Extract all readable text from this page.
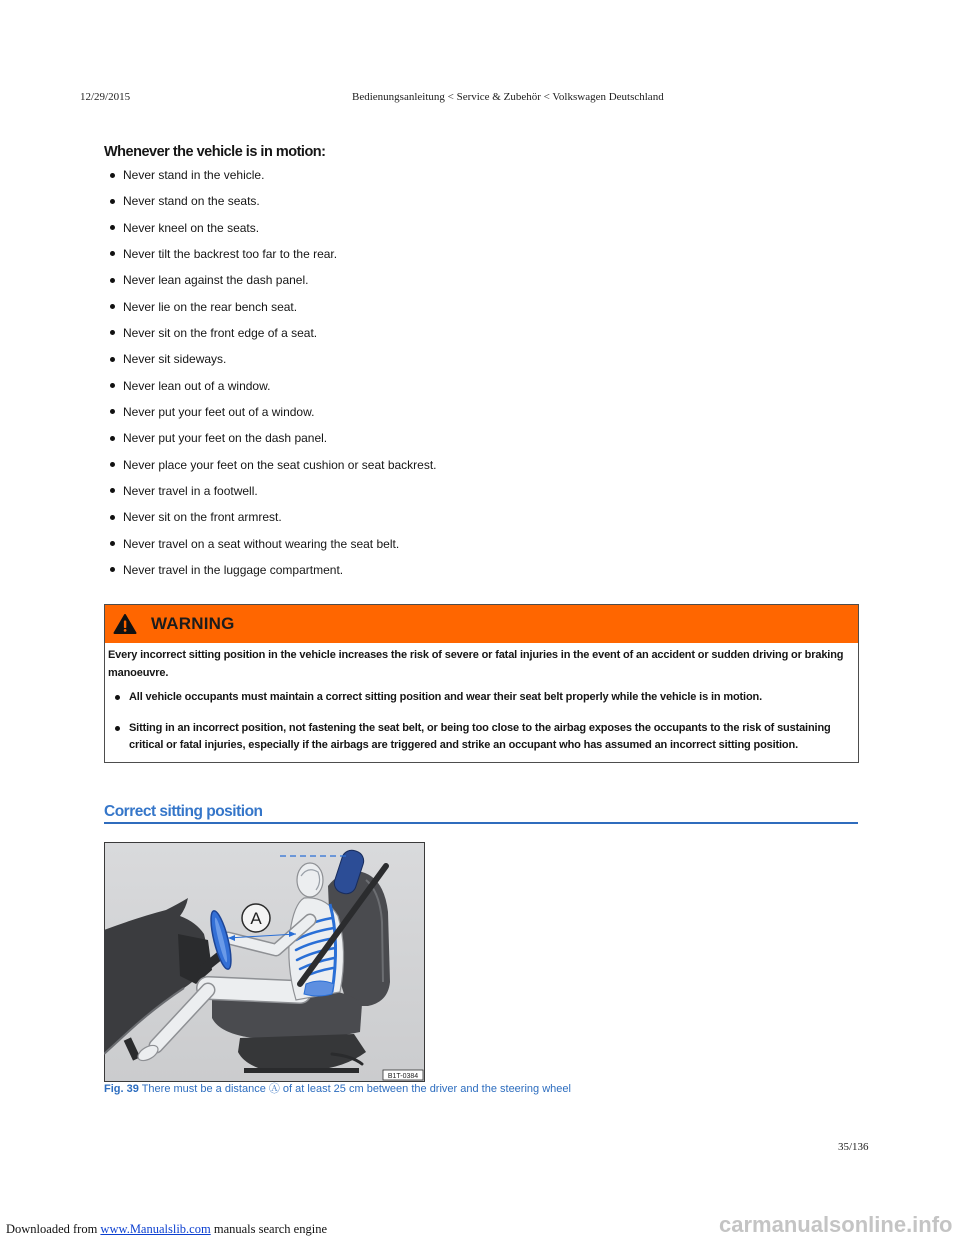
12/29/2015	Bedienungsanleitung < Service & Zubehör < Volkswagen Deutschland
Whenever the vehicle is in motion:
Never stand in the vehicle.
Never stand on the seats.
Never kneel on the seats.
Never tilt the backrest too far to the rear.
Never lean against the dash panel.
Never lie on the rear bench seat.
Never sit on the front edge of a seat.
Never sit sideways.
Never lean out of a window.
Never put your feet out of a window.
Never put your feet on the dash panel.
Never place your feet on the seat cushion or seat backrest.
Never travel in a footwell.
Never sit on the front armrest.
Never travel on a seat without wearing the seat belt.
Never travel in the luggage compartment.
WARNING

Every incorrect sitting position in the vehicle increases the risk of severe or fatal injuries in the event of an accident or sudden driving or braking manoeuvre.

All vehicle occupants must maintain a correct sitting position and wear their seat belt properly while the vehicle is in motion.
Sitting in an incorrect position, not fastening the seat belt, or being too close to the airbag exposes the occupants to the risk of sustaining critical or fatal injuries, especially if the airbags are triggered and strike an occupant who has assumed an incorrect sitting position.
Correct sitting position
A
B1T-0384
Fig. 39 There must be a distance Ⓐ of at least 25 cm between the driver and the steering wheel
35/136
Downloaded from www.Manualslib.com manuals search engine	carmanualsonline.info
